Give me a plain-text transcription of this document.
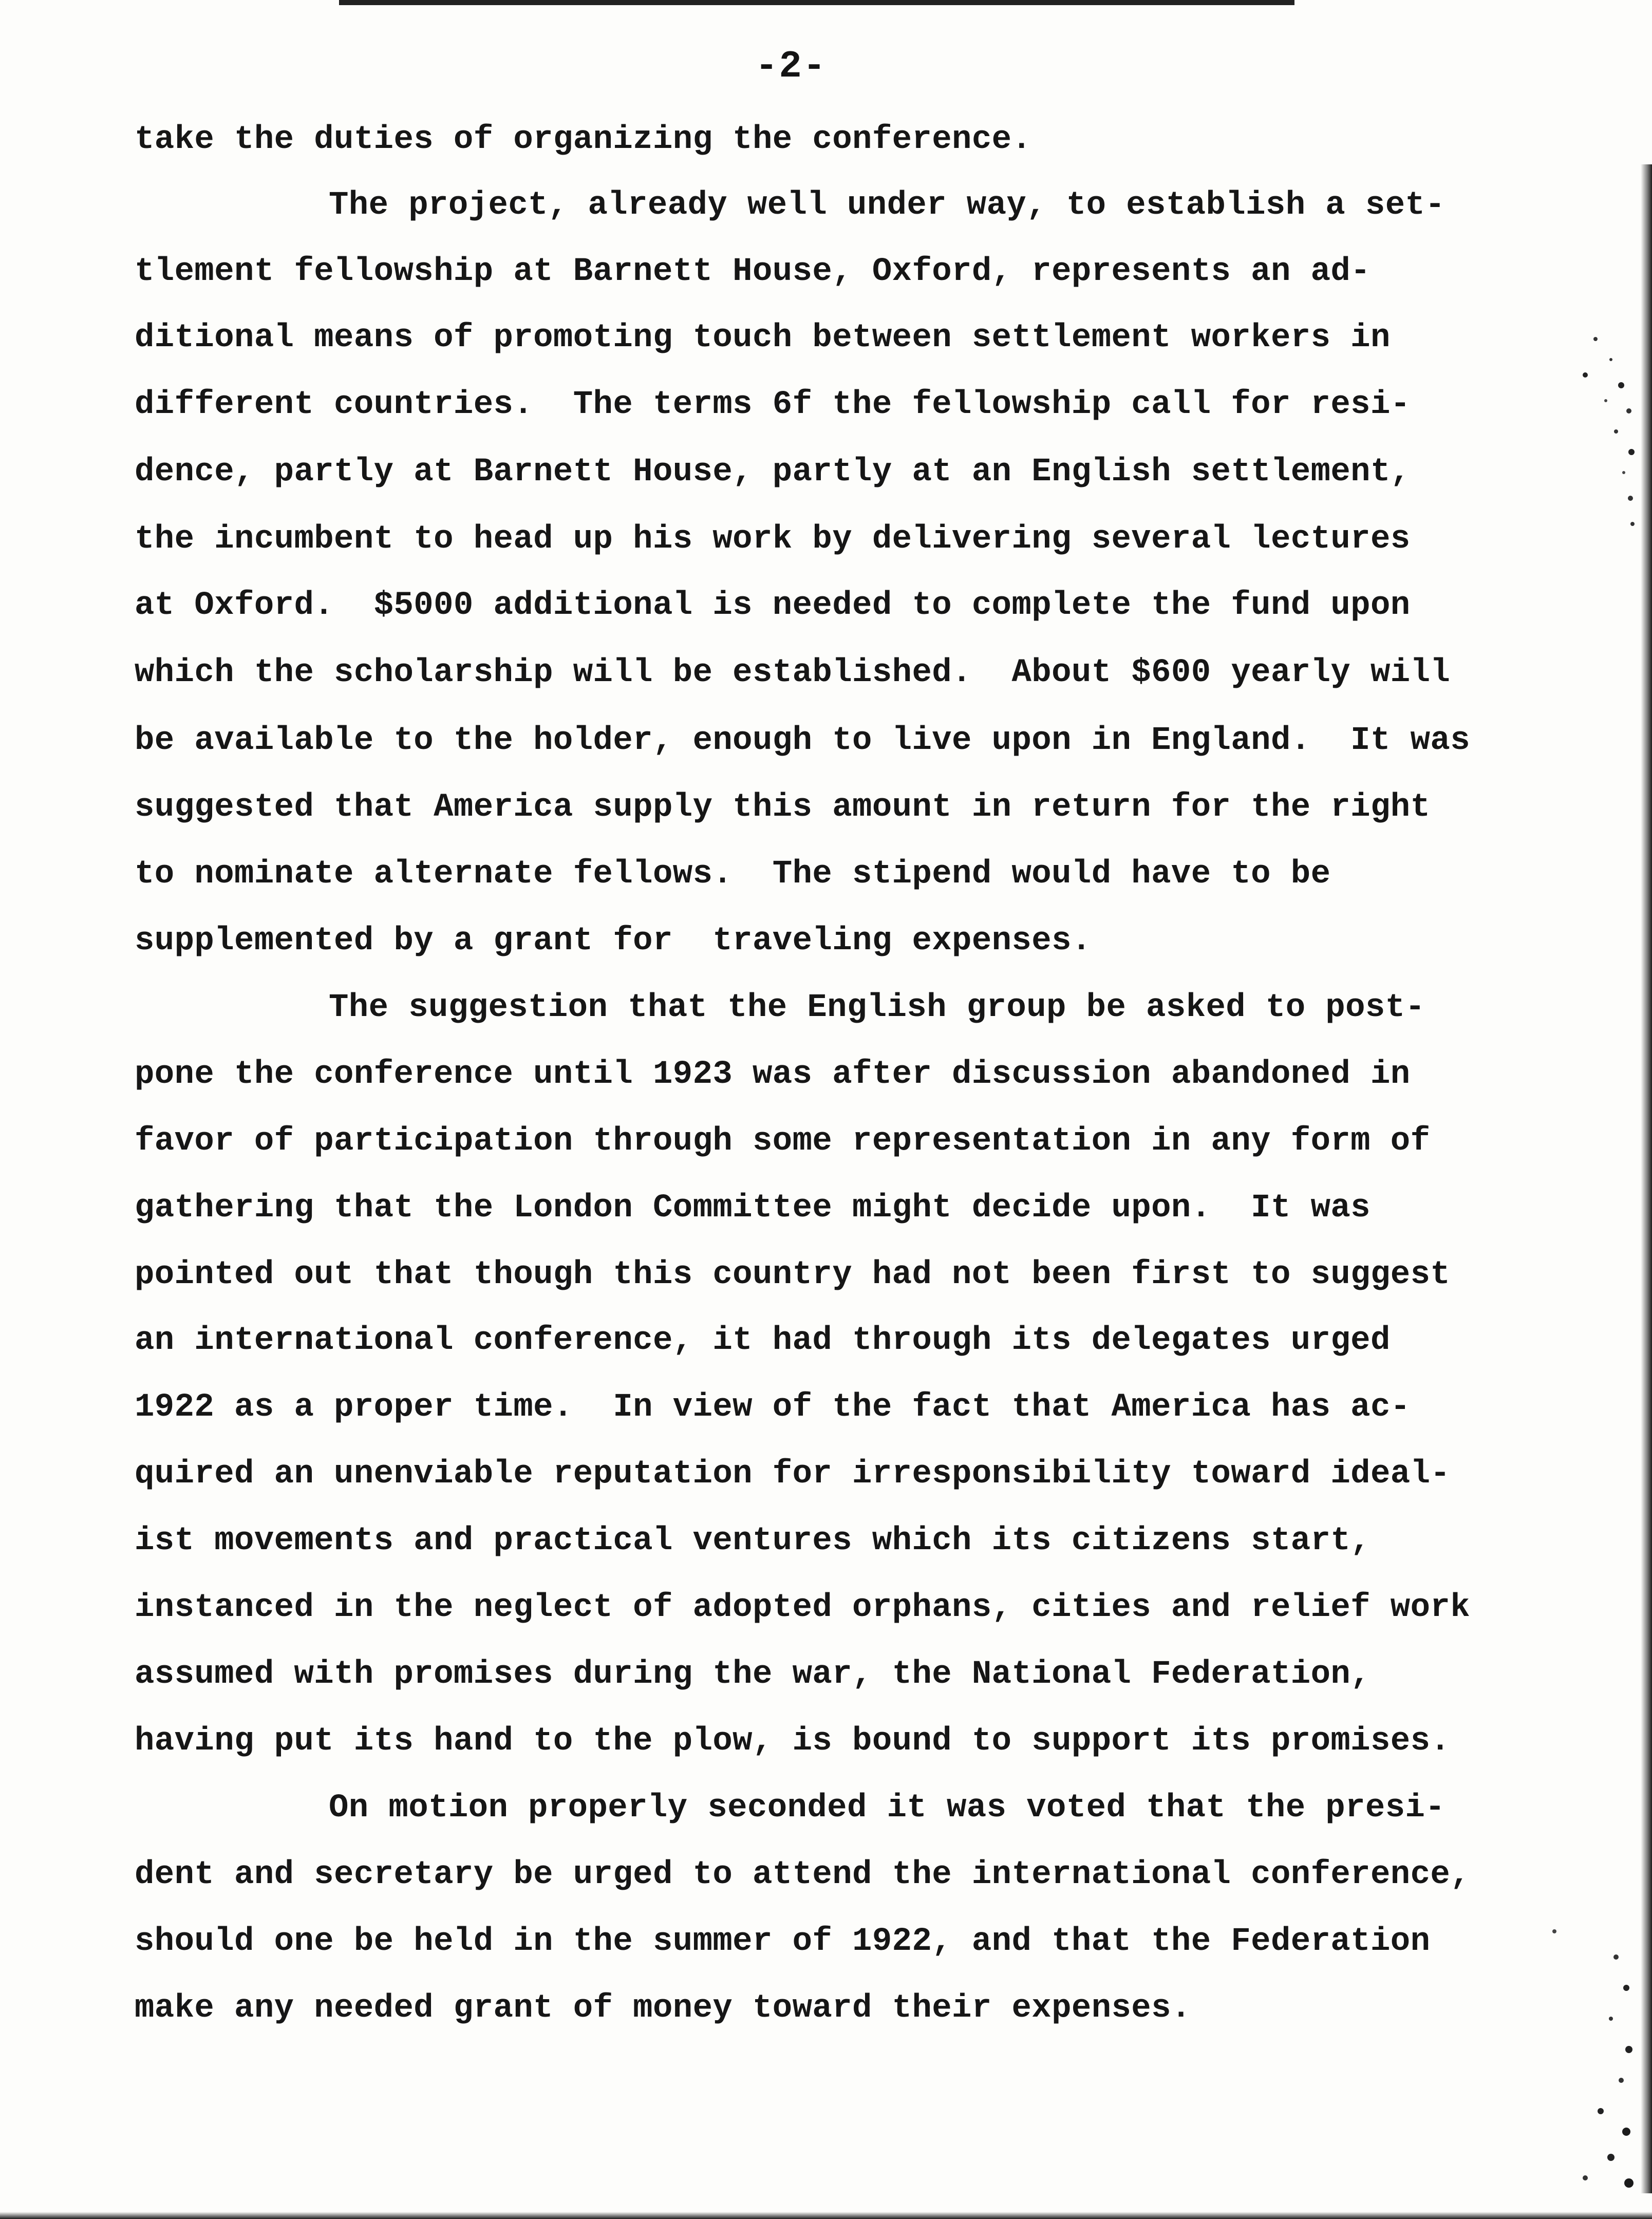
-2-
take the duties of organizing the conference.
The project, already well under way, to establish a set-
tlement fellowship at Barnett House, Oxford, represents an ad-
ditional means of promoting touch between settlement workers in
different countries.  The terms 6f the fellowship call for resi-
dence, partly at Barnett House, partly at an English settlement,
the incumbent to head up his work by delivering several lectures
at Oxford.  $5000 additional is needed to complete the fund upon
which the scholarship will be established.  About $600 yearly will
be available to the holder, enough to live upon in England.  It was
suggested that America supply this amount in return for the right
to nominate alternate fellows.  The stipend would have to be
supplemented by a grant for  traveling expenses.
The suggestion that the English group be asked to post-
pone the conference until 1923 was after discussion abandoned in
favor of participation through some representation in any form of
gathering that the London Committee might decide upon.  It was
pointed out that though this country had not been first to suggest
an international conference, it had through its delegates urged
1922 as a proper time.  In view of the fact that America has ac-
quired an unenviable reputation for irresponsibility toward ideal-
ist movements and practical ventures which its citizens start,
instanced in the neglect of adopted orphans, cities and relief work
assumed with promises during the war, the National Federation,
having put its hand to the plow, is bound to support its promises.
On motion properly seconded it was voted that the presi-
dent and secretary be urged to attend the international conference,
should one be held in the summer of 1922, and that the Federation
make any needed grant of money toward their expenses.
